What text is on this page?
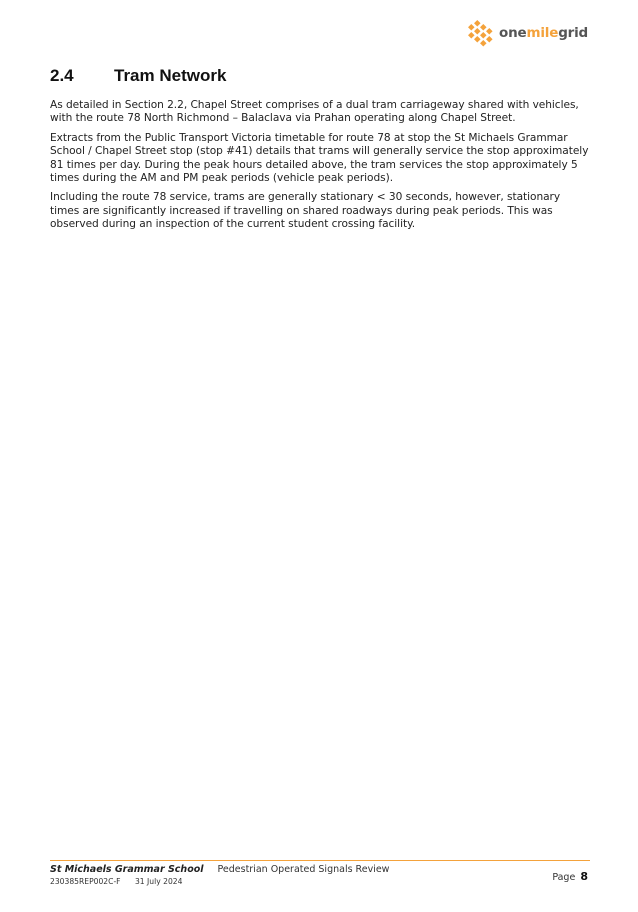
onemilegrid
2.4	Tram Network

As detailed in Section 2.2, Chapel Street comprises of a dual tram carriageway shared with vehicles, with the route 78 North Richmond – Balaclava via Prahan operating along Chapel Street.

Extracts from the Public Transport Victoria timetable for route 78 at stop the St Michaels Grammar School / Chapel Street stop (stop #41) details that trams will generally service the stop approximately 81 times per day. During the peak hours detailed above, the tram services the stop approximately 5 times during the AM and PM peak periods (vehicle peak periods).

Including the route 78 service, trams are generally stationary < 30 seconds, however, stationary times are significantly increased if travelling on shared roadways during peak periods. This was observed during an inspection of the current student crossing facility.

St Michaels Grammar School Pedestrian Operated Signals Review
230385REP002C-F 31 July 2024	Page 8
